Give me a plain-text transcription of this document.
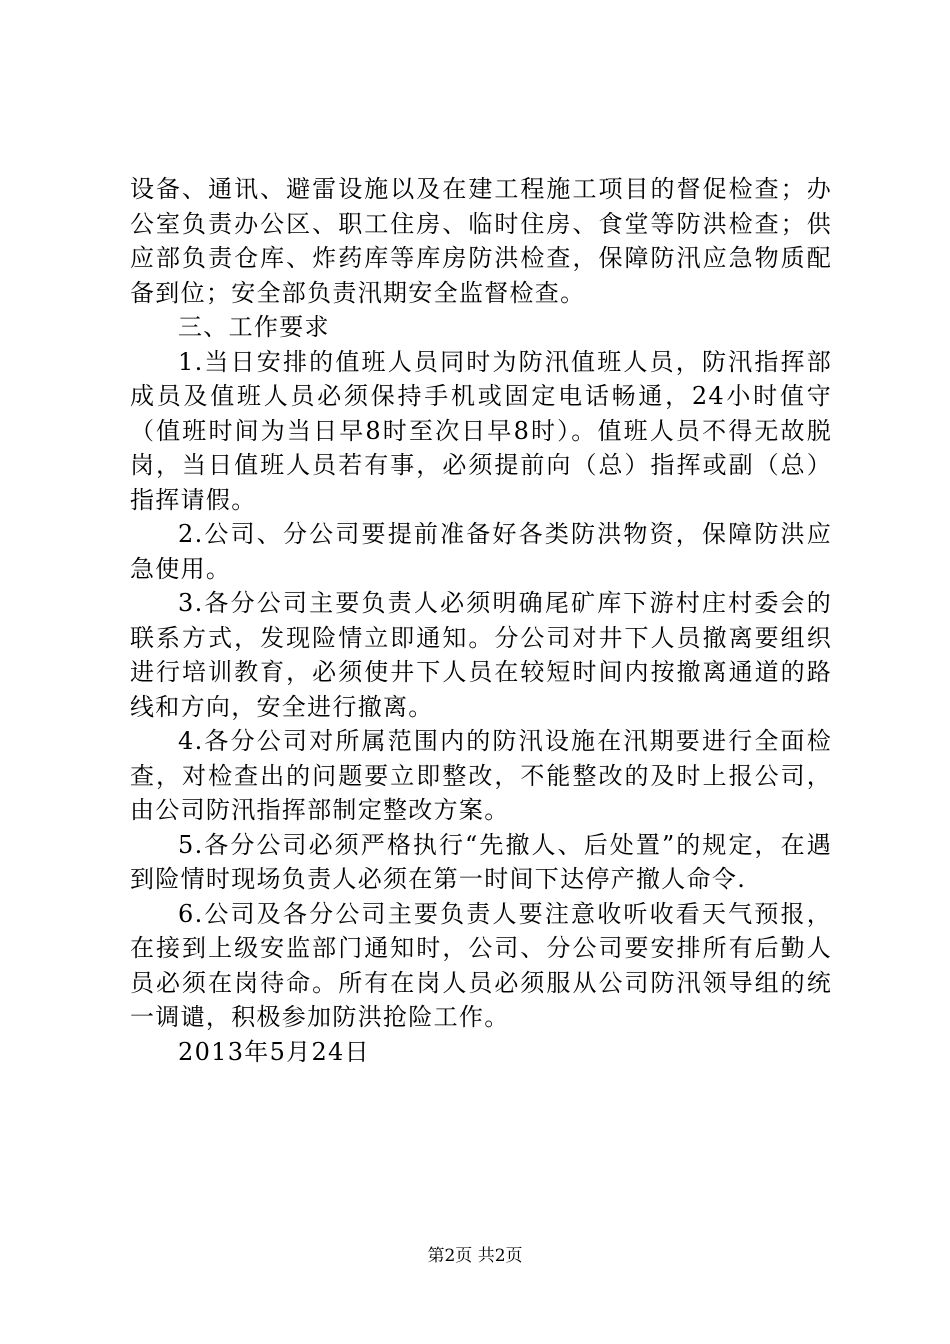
设备、通讯、避雷设施以及在建工程施工项目的督促检查；办公室负责办公区、职工住房、临时住房、食堂等防洪检查；供应部负责仓库、炸药库等库房防洪检查，保障防汛应急物质配备到位；安全部负责汛期安全监督检查。

三、工作要求

1.当日安排的值班人员同时为防汛值班人员，防汛指挥部成员及值班人员必须保持手机或固定电话畅通，24小时值守（值班时间为当日早8时至次日早8时）。值班人员不得无故脱岗，当日值班人员若有事，必须提前向（总）指挥或副（总）指挥请假。

2.公司、分公司要提前准备好各类防洪物资，保障防洪应急使用。

3.各分公司主要负责人必须明确尾矿库下游村庄村委会的联系方式，发现险情立即通知。分公司对井下人员撤离要组织进行培训教育，必须使井下人员在较短时间内按撤离通道的路线和方向，安全进行撤离。

4.各分公司对所属范围内的防汛设施在汛期要进行全面检查，对检查出的问题要立即整改，不能整改的及时上报公司，由公司防汛指挥部制定整改方案。

5.各分公司必须严格执行“先撤人、后处置”的规定，在遇到险情时现场负责人必须在第一时间下达停产撤人命令.

6.公司及各分公司主要负责人要注意收听收看天气预报，在接到上级安监部门通知时，公司、分公司要安排所有后勤人员必须在岗待命。所有在岗人员必须服从公司防汛领导组的统一调谴，积极参加防洪抢险工作。

2013年5月24日

第2页 共2页
